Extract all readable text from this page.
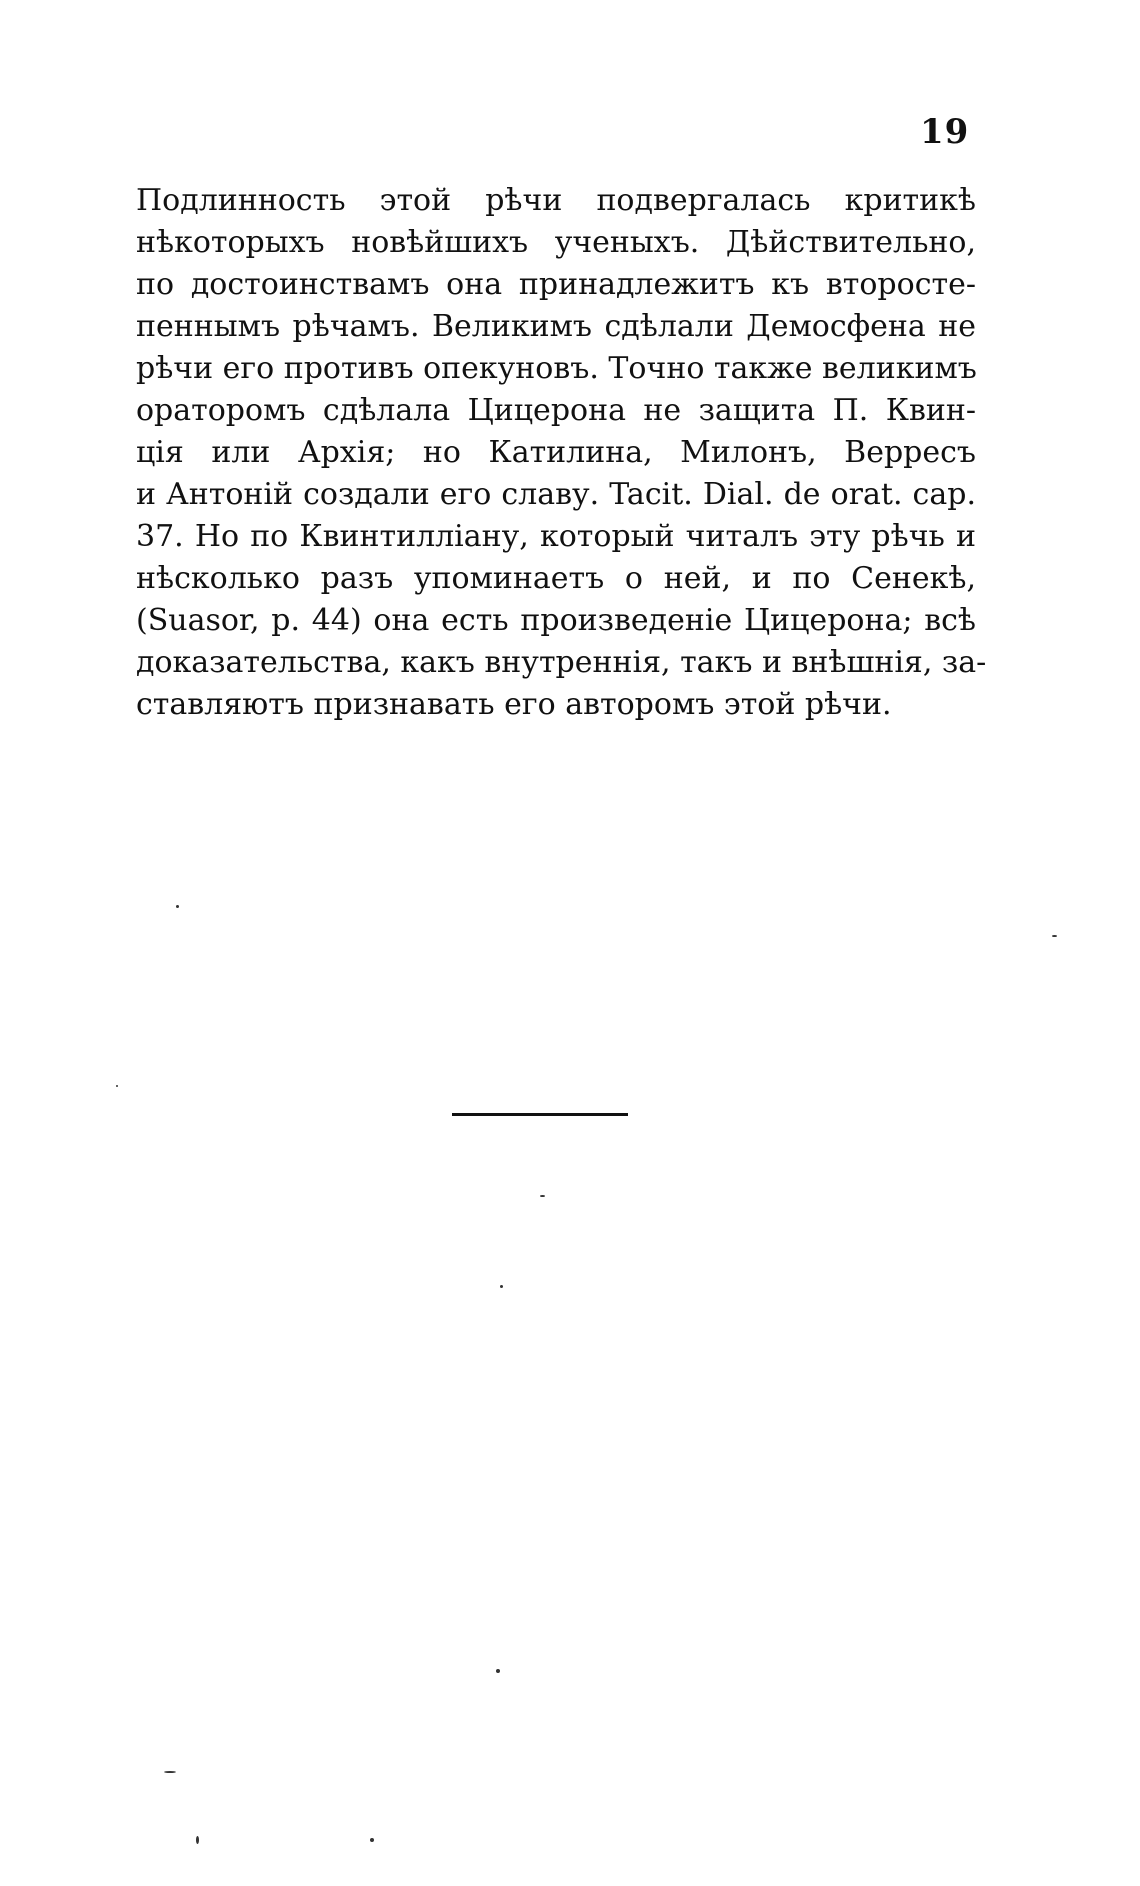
19

Подлинность этой рѣчи подвергалась критикѣ
нѣкоторыхъ новѣйшихъ ученыхъ. Дѣйствительно,
по достоинствамъ она принадлежитъ къ второсте-
пеннымъ рѣчамъ. Великимъ сдѣлали Демосфена не
рѣчи его противъ опекуновъ. Точно также великимъ
ораторомъ сдѣлала Цицерона не защита П. Квин-
ція или Архія; но Катилина, Милонъ, Верресъ
и Антоній создали его славу. Tacit. Dial. de orat. cap.
37. Но по Квинтилліану, который читалъ эту рѣчь и
нѣсколько разъ упоминаетъ о ней, и по Сенекѣ,
(Suasor, p. 44) она есть произведеніе Цицерона; всѣ
доказательства, какъ внутреннія, такъ и внѣшнія, за-
ставляютъ признавать его авторомъ этой рѣчи.
